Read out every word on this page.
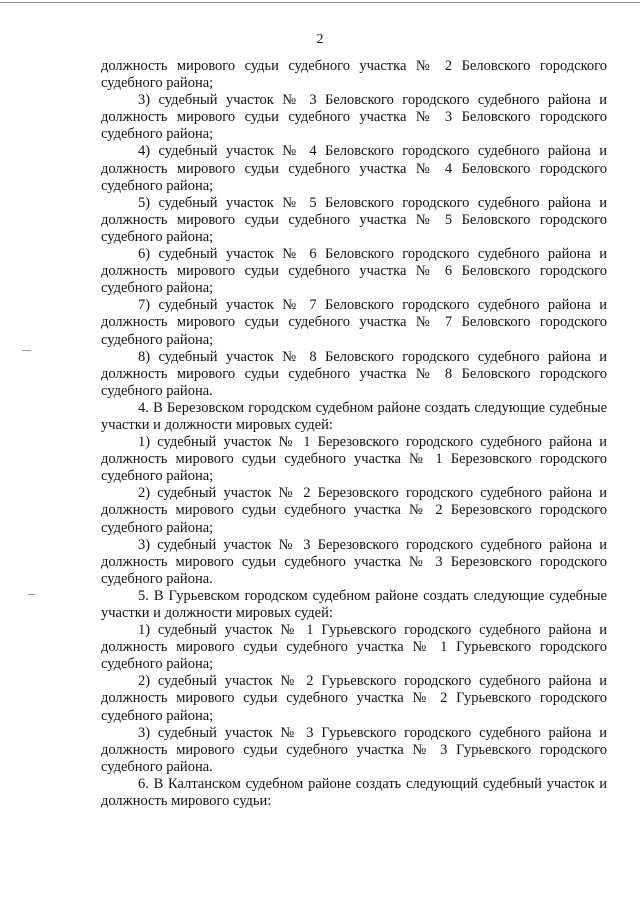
2

должность мирового судьи судебного участка № 2 Беловского городского судебного района;

3) судебный участок № 3 Беловского городского судебного района и должность мирового судьи судебного участка № 3 Беловского городского судебного района;

4) судебный участок № 4 Беловского городского судебного района и должность мирового судьи судебного участка № 4 Беловского городского судебного района;

5) судебный участок № 5 Беловского городского судебного района и должность мирового судьи судебного участка № 5 Беловского городского судебного района;

6) судебный участок № 6 Беловского городского судебного района и должность мирового судьи судебного участка № 6 Беловского городского судебного района;

7) судебный участок № 7 Беловского городского судебного района и должность мирового судьи судебного участка № 7 Беловского городского судебного района;

8) судебный участок № 8 Беловского городского судебного района и должность мирового судьи судебного участка № 8 Беловского городского судебного района.

4. В Березовском городском судебном районе создать следующие судебные участки и должности мировых судей:

1) судебный участок № 1 Березовского городского судебного района и должность мирового судьи судебного участка № 1 Березовского городского судебного района;

2) судебный участок № 2 Березовского городского судебного района и должность мирового судьи судебного участка № 2 Березовского городского судебного района;

3) судебный участок № 3 Березовского городского судебного района и должность мирового судьи судебного участка № 3 Березовского городского судебного района.

5. В Гурьевском городском судебном районе создать следующие судебные участки и должности мировых судей:

1) судебный участок № 1 Гурьевского городского судебного района и должность мирового судьи судебного участка № 1 Гурьевского городского судебного района;

2) судебный участок № 2 Гурьевского городского судебного района и должность мирового судьи судебного участка № 2 Гурьевского городского судебного района;

3) судебный участок № 3 Гурьевского городского судебного района и должность мирового судьи судебного участка № 3 Гурьевского городского судебного района.

6. В Калтанском судебном районе создать следующий судебный участок и должность мирового судьи:
